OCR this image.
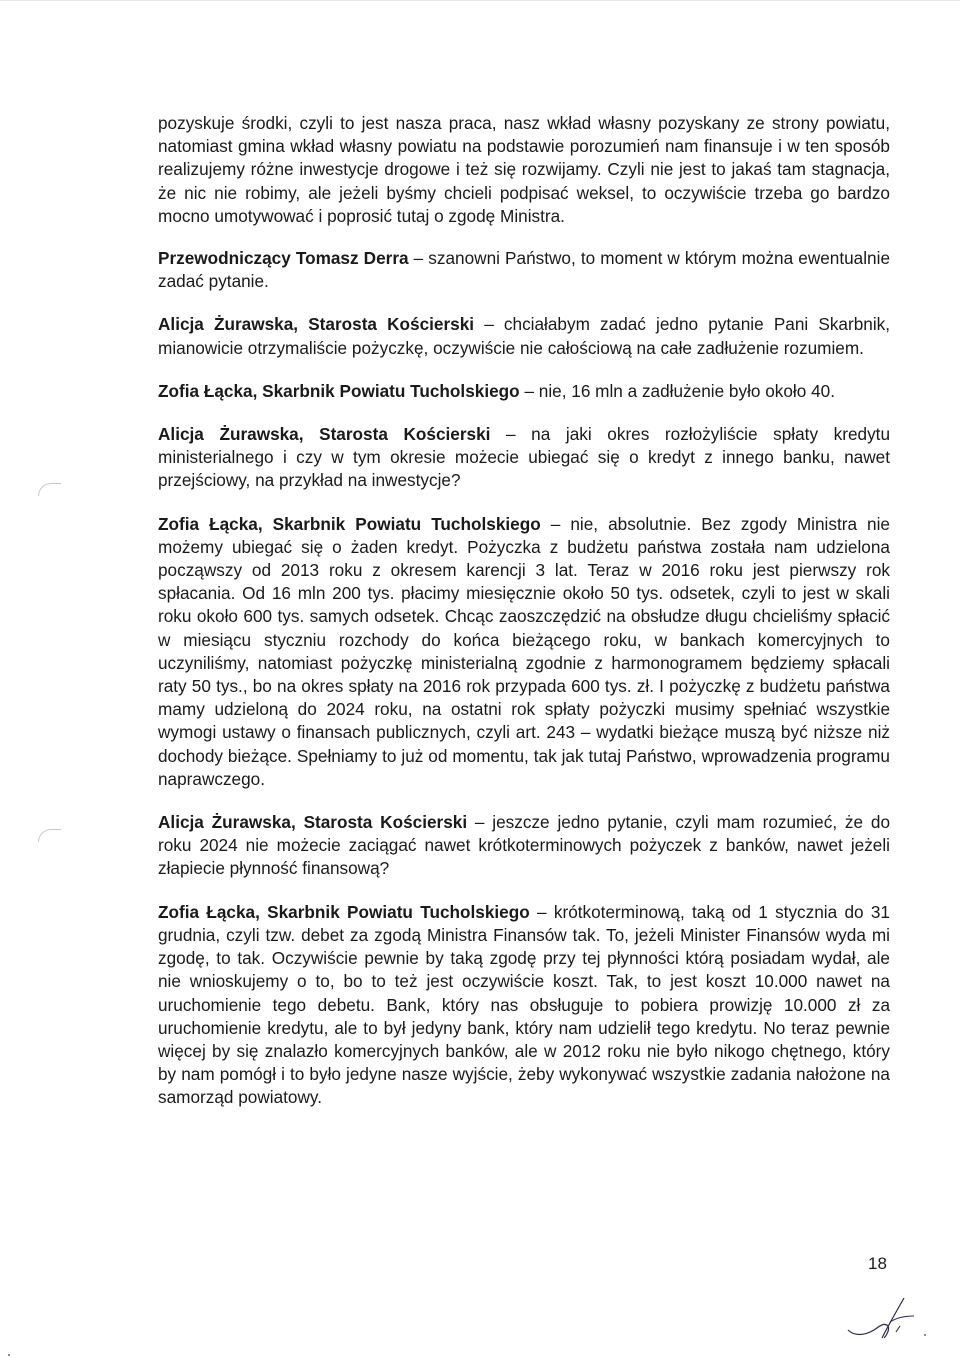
pozyskuje środki, czyli to jest nasza praca, nasz wkład własny pozyskany ze strony powiatu, natomiast gmina wkład własny powiatu na podstawie porozumień nam finansuje i w ten sposób realizujemy różne inwestycje drogowe i też się rozwijamy. Czyli nie jest to jakaś tam stagnacja, że nic nie robimy, ale jeżeli byśmy chcieli podpisać weksel, to oczywiście trzeba go bardzo mocno umotywować i poprosić tutaj o zgodę Ministra.

Przewodniczący Tomasz Derra – szanowni Państwo, to moment w którym można ewentualnie zadać pytanie.

Alicja Żurawska, Starosta Kościerski – chciałabym zadać jedno pytanie Pani Skarbnik, mianowicie otrzymaliście pożyczkę, oczywiście nie całościową na całe zadłużenie rozumiem.

Zofia Łącka, Skarbnik Powiatu Tucholskiego – nie, 16 mln a zadłużenie było około 40.

Alicja Żurawska, Starosta Kościerski – na jaki okres rozłożyliście spłaty kredytu ministerialnego i czy w tym okresie możecie ubiegać się o kredyt z innego banku, nawet przejściowy, na przykład na inwestycje?

Zofia Łącka, Skarbnik Powiatu Tucholskiego – nie, absolutnie. Bez zgody Ministra nie możemy ubiegać się o żaden kredyt. Pożyczka z budżetu państwa została nam udzielona począwszy od 2013 roku z okresem karencji 3 lat. Teraz w 2016 roku jest pierwszy rok spłacania. Od 16 mln 200 tys. płacimy miesięcznie około 50 tys. odsetek, czyli to jest w skali roku około 600 tys. samych odsetek. Chcąc zaoszczędzić na obsłudze długu chcieliśmy spłacić w miesiącu styczniu rozchody do końca bieżącego roku, w bankach komercyjnych to uczyniliśmy, natomiast pożyczkę ministerialną zgodnie z harmonogramem będziemy spłacali raty 50 tys., bo na okres spłaty na 2016 rok przypada 600 tys. zł. I pożyczkę z budżetu państwa mamy udzieloną do 2024 roku, na ostatni rok spłaty pożyczki musimy spełniać wszystkie wymogi ustawy o finansach publicznych, czyli art. 243 – wydatki bieżące muszą być niższe niż dochody bieżące. Spełniamy to już od momentu, tak jak tutaj Państwo, wprowadzenia programu naprawczego.

Alicja Żurawska, Starosta Kościerski – jeszcze jedno pytanie, czyli mam rozumieć, że do roku 2024 nie możecie zaciągać nawet krótkoterminowych pożyczek z banków, nawet jeżeli złapiecie płynność finansową?

Zofia Łącka, Skarbnik Powiatu Tucholskiego – krótkoterminową, taką od 1 stycznia do 31 grudnia, czyli tzw. debet za zgodą Ministra Finansów tak. To, jeżeli Minister Finansów wyda mi zgodę, to tak. Oczywiście pewnie by taką zgodę przy tej płynności którą posiadam wydał, ale nie wnioskujemy o to, bo to też jest oczywiście koszt. Tak, to jest koszt 10.000 nawet na uruchomienie tego debetu. Bank, który nas obsługuje to pobiera prowizję 10.000 zł za uruchomienie kredytu, ale to był jedyny bank, który nam udzielił tego kredytu. No teraz pewnie więcej by się znalazło komercyjnych banków, ale w 2012 roku nie było nikogo chętnego, który by nam pomógł i to było jedyne nasze wyjście, żeby wykonywać wszystkie zadania nałożone na samorząd powiatowy.

18
